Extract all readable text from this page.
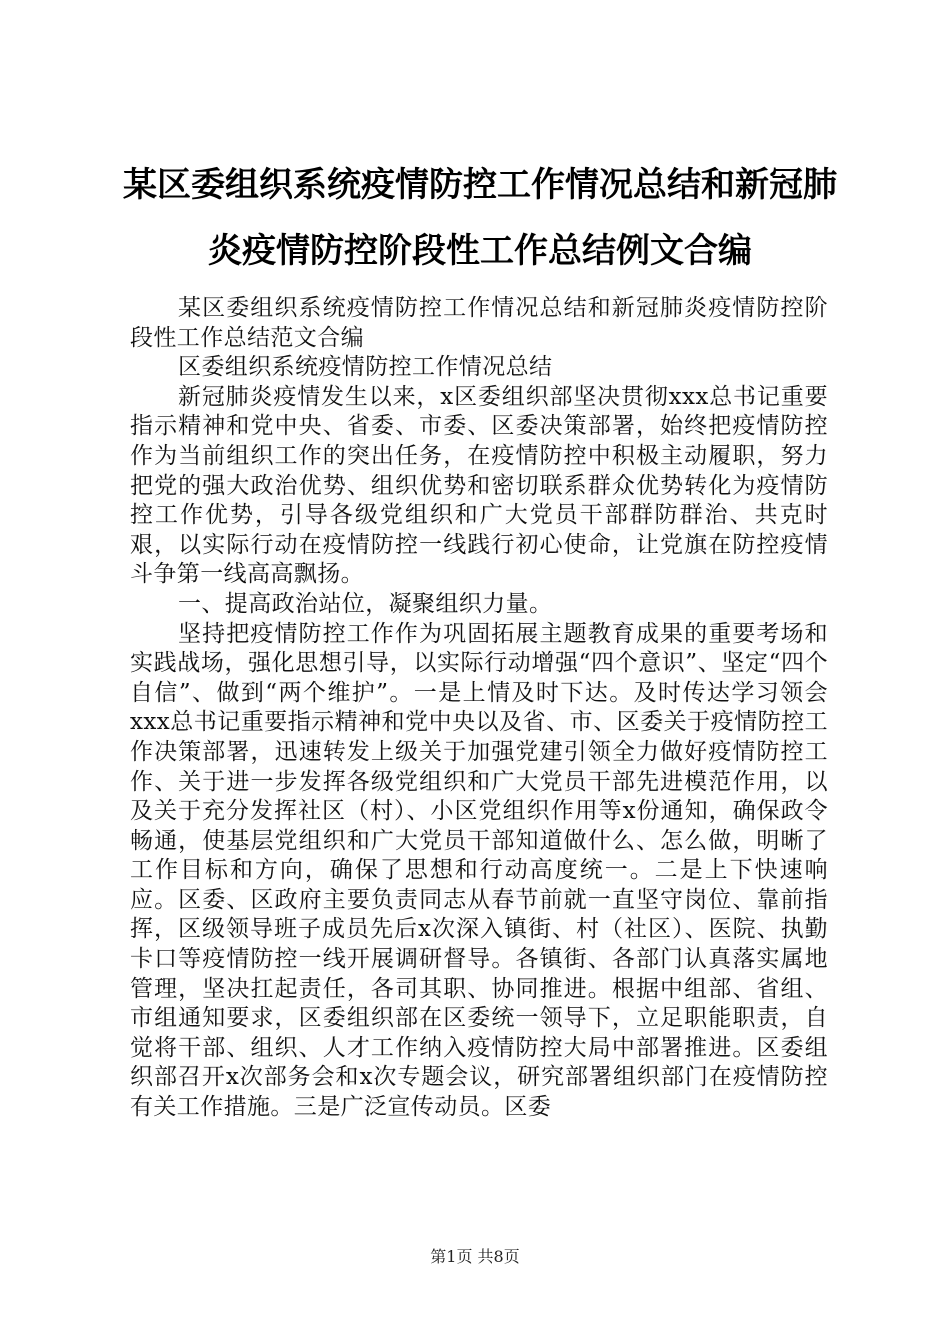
某区委组织系统疫情防控工作情况总结和新冠肺炎疫情防控阶段性工作总结例文合编

某区委组织系统疫情防控工作情况总结和新冠肺炎疫情防控阶段性工作总结范文合编

区委组织系统疫情防控工作情况总结

新冠肺炎疫情发生以来，x区委组织部坚决贯彻xxx总书记重要指示精神和党中央、省委、市委、区委决策部署，始终把疫情防控作为当前组织工作的突出任务，在疫情防控中积极主动履职，努力把党的强大政治优势、组织优势和密切联系群众优势转化为疫情防控工作优势，引导各级党组织和广大党员干部群防群治、共克时艰，以实际行动在疫情防控一线践行初心使命，让党旗在防控疫情斗争第一线高高飘扬。

一、提高政治站位，凝聚组织力量。

坚持把疫情防控工作作为巩固拓展主题教育成果的重要考场和实践战场，强化思想引导，以实际行动增强“四个意识”、坚定“四个自信”、做到“两个维护”。一是上情及时下达。及时传达学习领会xxx总书记重要指示精神和党中央以及省、市、区委关于疫情防控工作决策部署，迅速转发上级关于加强党建引领全力做好疫情防控工作、关于进一步发挥各级党组织和广大党员干部先进模范作用，以及关于充分发挥社区（村）、小区党组织作用等x份通知，确保政令畅通，使基层党组织和广大党员干部知道做什么、怎么做，明晰了工作目标和方向，确保了思想和行动高度统一。二是上下快速响应。区委、区政府主要负责同志从春节前就一直坚守岗位、靠前指挥，区级领导班子成员先后x次深入镇街、村（社区）、医院、执勤卡口等疫情防控一线开展调研督导。各镇街、各部门认真落实属地管理，坚决扛起责任，各司其职、协同推进。根据中组部、省组、市组通知要求，区委组织部在区委统一领导下，立足职能职责，自觉将干部、组织、人才工作纳入疫情防控大局中部署推进。区委组织部召开x次部务会和x次专题会议，研究部署组织部门在疫情防控有关工作措施。三是广泛宣传动员。区委

第1页 共8页
